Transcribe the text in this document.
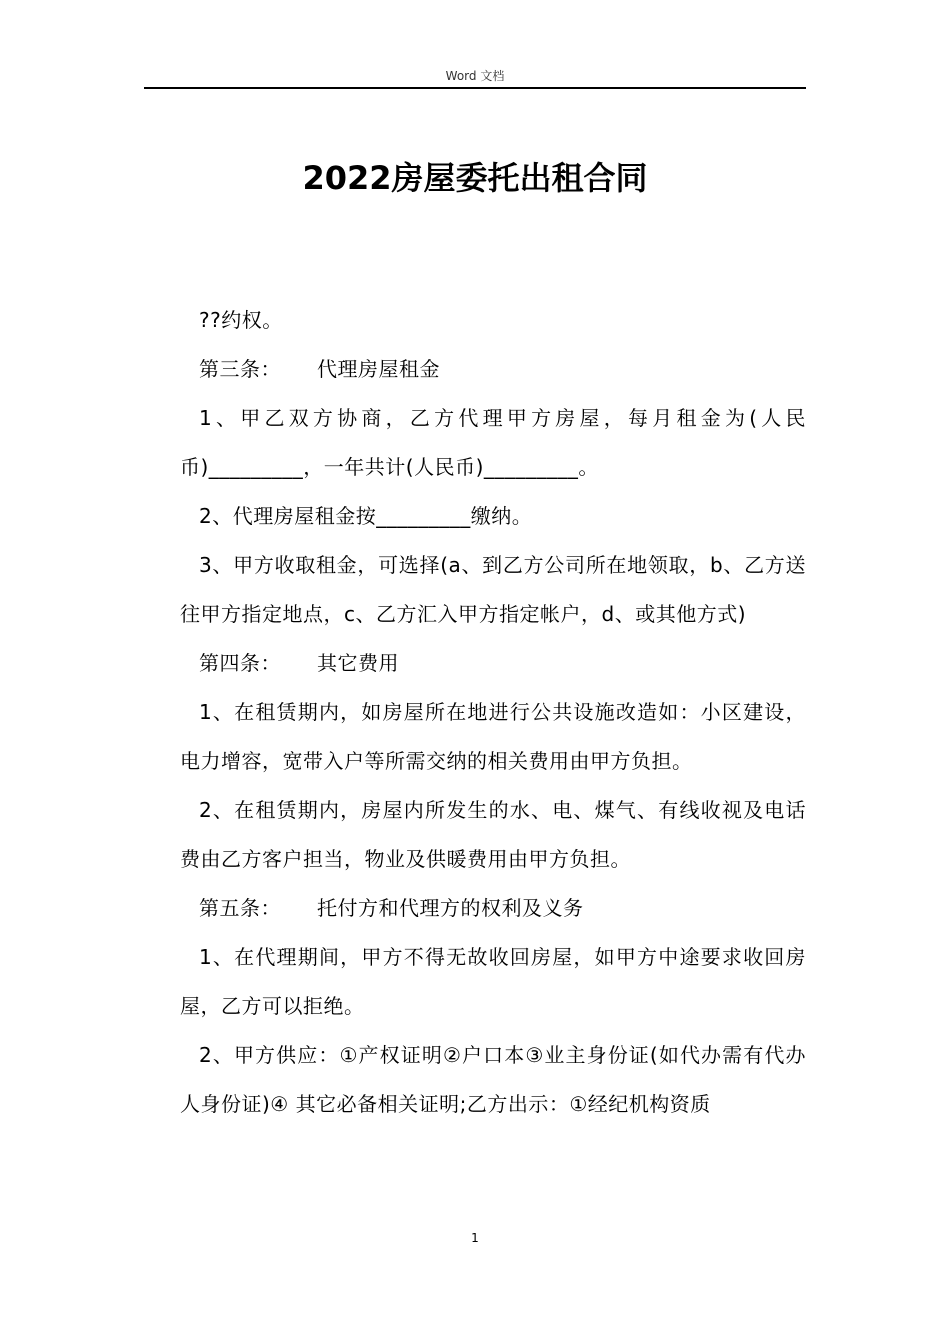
Word 文档
2022房屋委托出租合同

??约权。

第三条： 代理房屋租金

1、甲乙双方协商，乙方代理甲方房屋，每月租金为(人民币)_________，一年共计(人民币)_________。

2、代理房屋租金按_________缴纳。

3、甲方收取租金，可选择(a、到乙方公司所在地领取，b、乙方送往甲方指定地点，c、乙方汇入甲方指定帐户，d、或其他方式)

第四条： 其它费用

1、在租赁期内，如房屋所在地进行公共设施改造如：小区建设，电力增容，宽带入户等所需交纳的相关费用由甲方负担。

2、在租赁期内，房屋内所发生的水、电、煤气、有线收视及电话费由乙方客户担当，物业及供暖费用由甲方负担。

第五条： 托付方和代理方的权利及义务

1、在代理期间，甲方不得无故收回房屋，如甲方中途要求收回房屋，乙方可以拒绝。

2、甲方供应：①产权证明②户口本③业主身份证(如代办需有代办人身份证)④ 其它必备相关证明;乙方出示：①经纪机构资质

1
